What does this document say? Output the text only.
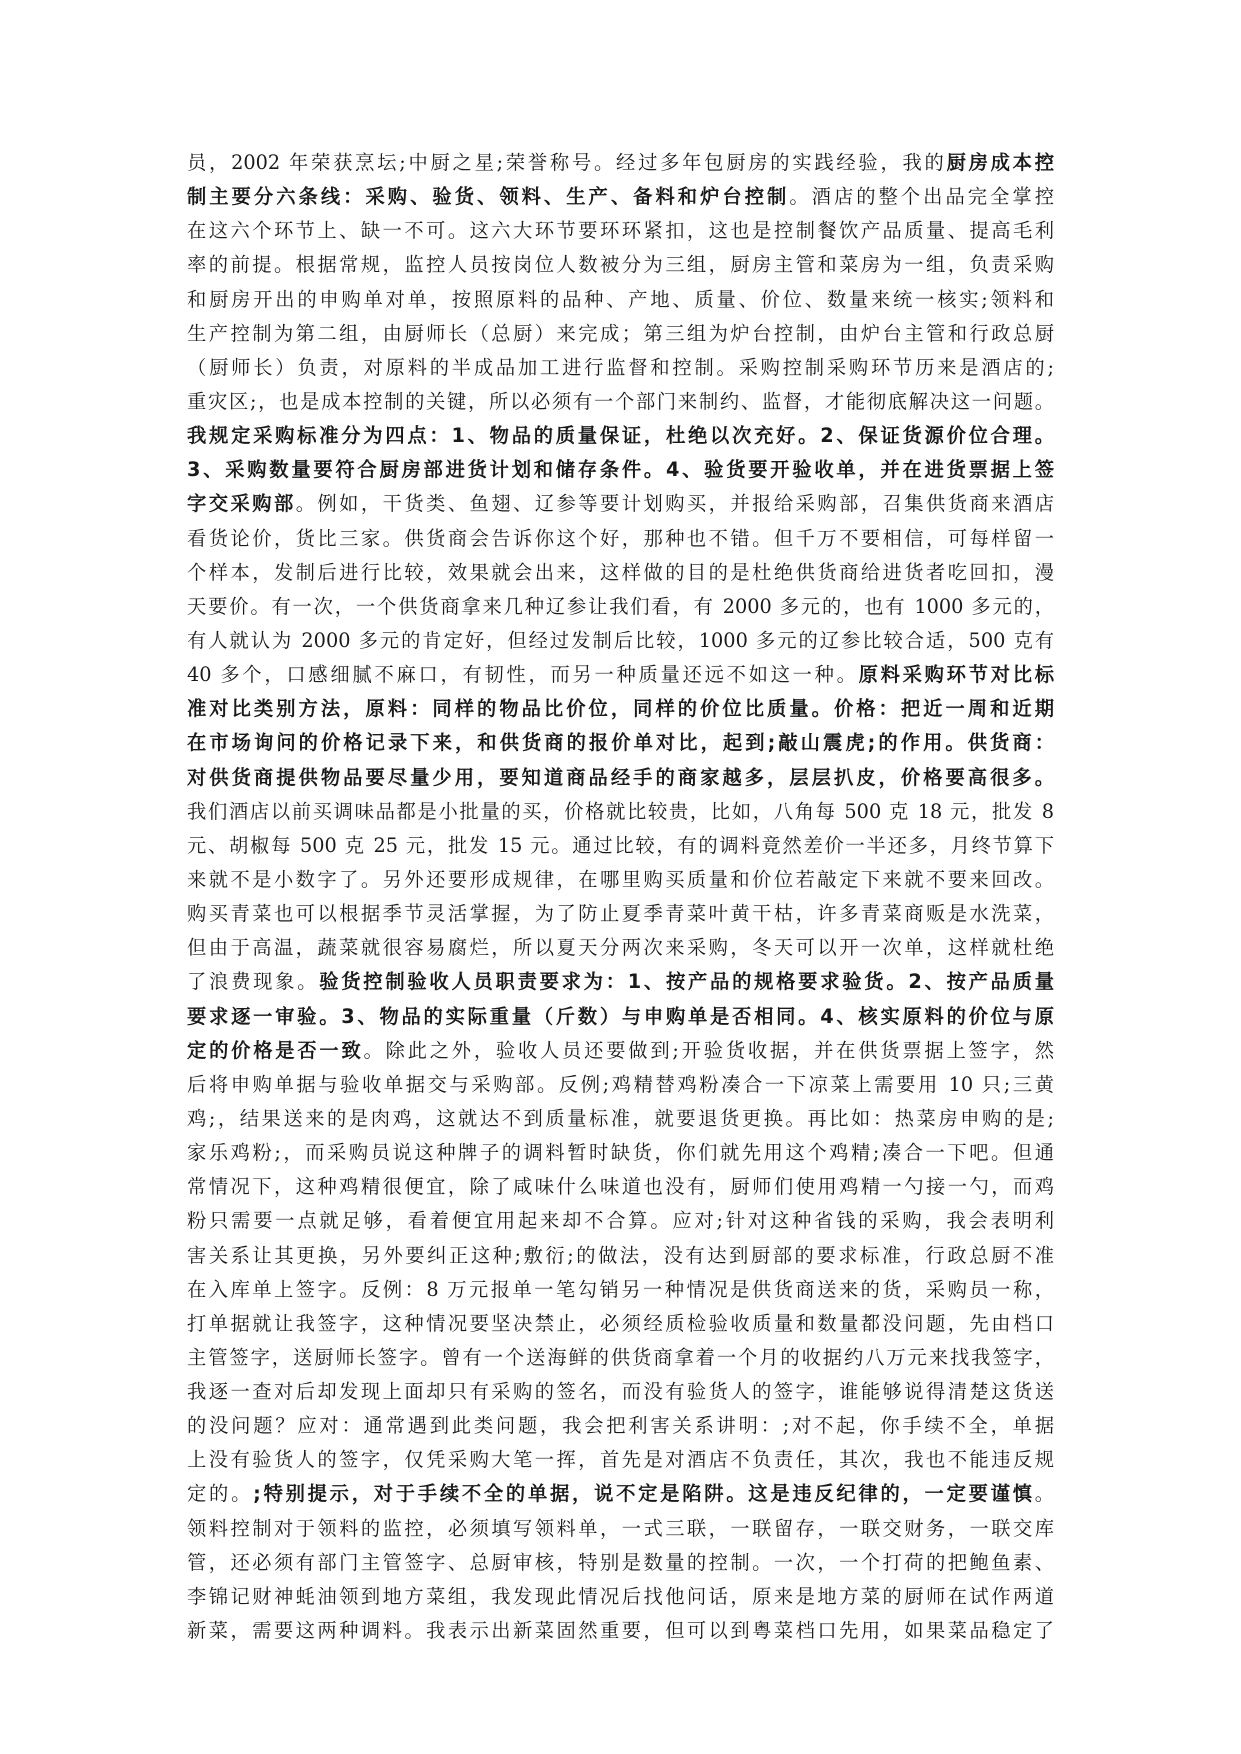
员，2002 年荣获烹坛;中厨之星;荣誉称号。经过多年包厨房的实践经验，我的厨房成本控
制主要分六条线：采购、验货、领料、生产、备料和炉台控制。酒店的整个出品完全掌控
在这六个环节上、缺一不可。这六大环节要环环紧扣，这也是控制餐饮产品质量、提高毛利
率的前提。根据常规，监控人员按岗位人数被分为三组，厨房主管和菜房为一组，负责采购
和厨房开出的申购单对单，按照原料的品种、产地、质量、价位、数量来统一核实;领料和
生产控制为第二组，由厨师长（总厨）来完成；第三组为炉台控制，由炉台主管和行政总厨
（厨师长）负责，对原料的半成品加工进行监督和控制。采购控制采购环节历来是酒店的;
重灾区;，也是成本控制的关键，所以必须有一个部门来制约、监督，才能彻底解决这一问题。
我规定采购标准分为四点：1、物品的质量保证，杜绝以次充好。2、保证货源价位合理。
3、采购数量要符合厨房部进货计划和储存条件。4、验货要开验收单，并在进货票据上签
字交采购部。例如，干货类、鱼翅、辽参等要计划购买，并报给采购部，召集供货商来酒店
看货论价，货比三家。供货商会告诉你这个好，那种也不错。但千万不要相信，可每样留一
个样本，发制后进行比较，效果就会出来，这样做的目的是杜绝供货商给进货者吃回扣，漫
天要价。有一次，一个供货商拿来几种辽参让我们看，有 2000 多元的，也有 1000 多元的，
有人就认为 2000 多元的肯定好，但经过发制后比较，1000 多元的辽参比较合适，500 克有
40 多个，口感细腻不麻口，有韧性，而另一种质量还远不如这一种。原料采购环节对比标
准对比类别方法，原料：同样的物品比价位，同样的价位比质量。价格：把近一周和近期
在市场询问的价格记录下来，和供货商的报价单对比，起到;敲山震虎;的作用。供货商：
对供货商提供物品要尽量少用，要知道商品经手的商家越多，层层扒皮，价格要高很多。
我们酒店以前买调味品都是小批量的买，价格就比较贵，比如，八角每 500 克 18 元，批发 8
元、胡椒每 500 克 25 元，批发 15 元。通过比较，有的调料竟然差价一半还多，月终节算下
来就不是小数字了。另外还要形成规律，在哪里购买质量和价位若敲定下来就不要来回改。
购买青菜也可以根据季节灵活掌握，为了防止夏季青菜叶黄干枯，许多青菜商贩是水洗菜，
但由于高温，蔬菜就很容易腐烂，所以夏天分两次来采购，冬天可以开一次单，这样就杜绝
了浪费现象。验货控制验收人员职责要求为：1、按产品的规格要求验货。2、按产品质量
要求逐一审验。3、物品的实际重量（斤数）与申购单是否相同。4、核实原料的价位与原
定的价格是否一致。除此之外，验收人员还要做到;开验货收据，并在供货票据上签字，然
后将申购单据与验收单据交与采购部。反例;鸡精替鸡粉凑合一下凉菜上需要用 10 只;三黄
鸡;，结果送来的是肉鸡，这就达不到质量标准，就要退货更换。再比如：热菜房申购的是;
家乐鸡粉;，而采购员说这种牌子的调料暂时缺货，你们就先用这个鸡精;凑合一下吧。但通
常情况下，这种鸡精很便宜，除了咸味什么味道也没有，厨师们使用鸡精一勺接一勺，而鸡
粉只需要一点就足够，看着便宜用起来却不合算。应对;针对这种省钱的采购，我会表明利
害关系让其更换，另外要纠正这种;敷衍;的做法，没有达到厨部的要求标准，行政总厨不准
在入库单上签字。反例：8 万元报单一笔勾销另一种情况是供货商送来的货，采购员一称，
打单据就让我签字，这种情况要坚决禁止，必须经质检验收质量和数量都没问题，先由档口
主管签字，送厨师长签字。曾有一个送海鲜的供货商拿着一个月的收据约八万元来找我签字，
我逐一查对后却发现上面却只有采购的签名，而没有验货人的签字，谁能够说得清楚这货送
的没问题？应对：通常遇到此类问题，我会把利害关系讲明：;对不起，你手续不全，单据
上没有验货人的签字，仅凭采购大笔一挥，首先是对酒店不负责任，其次，我也不能违反规
定的。;特别提示，对于手续不全的单据，说不定是陷阱。这是违反纪律的，一定要谨慎。
领料控制对于领料的监控，必须填写领料单，一式三联，一联留存，一联交财务，一联交库
管，还必须有部门主管签字、总厨审核，特别是数量的控制。一次，一个打荷的把鲍鱼素、
李锦记财神蚝油领到地方菜组，我发现此情况后找他问话，原来是地方菜的厨师在试作两道
新菜，需要这两种调料。我表示出新菜固然重要，但可以到粤菜档口先用，如果菜品稳定了
